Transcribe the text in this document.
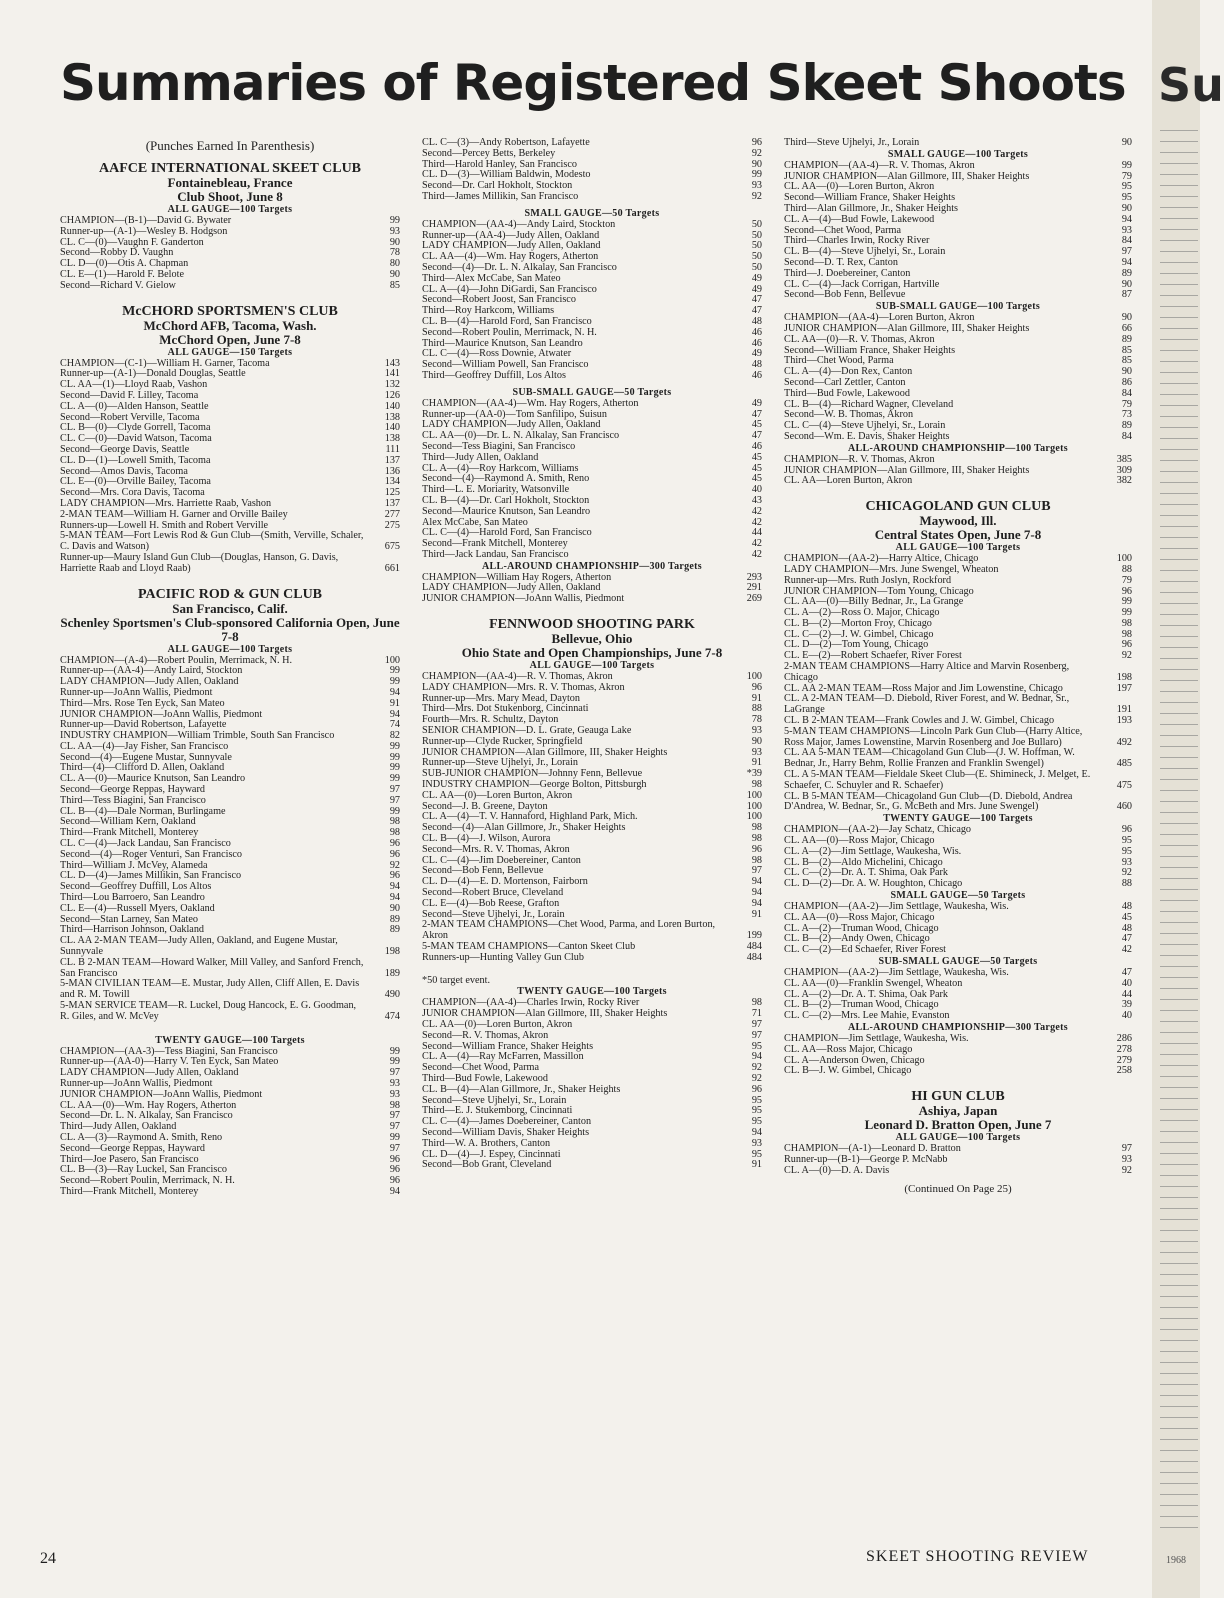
Summaries of Registered Skeet Shoots
(Punches Earned In Parenthesis)
AAFCE INTERNATIONAL SKEET CLUB
Fontainebleau, France
Club Shoot, June 8
ALL GAUGE—100 Targets
CHAMPION—(B-1)—David G. Bywater	99
Runner-up—(A-1)—Wesley B. Hodgson	93
CL. C—(0)—Vaughn F. Ganderton	90
Second—Robby D. Vaughn	78
CL. D—(0)—Otis A. Chapman	80
CL. E—(1)—Harold F. Belote	90
Second—Richard V. Gielow	85
McCHORD SPORTSMEN'S CLUB
McChord AFB, Tacoma, Wash.
McChord Open, June 7-8
ALL GAUGE—150 Targets
CHAMPION—(C-1)—William H. Garner, Tacoma	143
Runner-up—(A-1)—Donald Douglas, Seattle	141
CL. AA—(1)—Lloyd Raab, Vashon	132
Second—David F. Lilley, Tacoma	126
CL. A—(0)—Alden Hanson, Seattle	140
Second—Robert Verville, Tacoma	138
CL. B—(0)—Clyde Gorrell, Tacoma	140
CL. C—(0)—David Watson, Tacoma	138
Second—George Davis, Seattle	111
CL. D—(1)—Lowell Smith, Tacoma	137
Second—Amos Davis, Tacoma	136
CL. E—(0)—Orville Bailey, Tacoma	134
Second—Mrs. Cora Davis, Tacoma	125
LADY CHAMPION—Mrs. Harriette Raab, Vashon	137
2-MAN TEAM—William H. Garner and Orville Bailey	277
Runners-up—Lowell H. Smith and Robert Verville	275
5-MAN TEAM—Fort Lewis Rod & Gun Club—(Smith, Verville, Schaler, C. Davis and Watson)	675
Runner-up—Maury Island Gun Club—(Douglas, Hanson, G. Davis, Harriette Raab and Lloyd Raab)	661
PACIFIC ROD & GUN CLUB
San Francisco, Calif.
Schenley Sportsmen's Club-sponsored California Open, June 7-8
ALL GAUGE—100 Targets
CHAMPION—(A-4)—Robert Poulin, Merrimack, N. H.	100
Runner-up—(AA-4)—Andy Laird, Stockton	99
LADY CHAMPION—Judy Allen, Oakland	99
Runner-up—JoAnn Wallis, Piedmont	94
Third—Mrs. Rose Ten Eyck, San Mateo	91
JUNIOR CHAMPION—JoAnn Wallis, Piedmont	94
Runner-up—David Robertson, Lafayette	74
INDUSTRY CHAMPION—William Trimble, South San Francisco	82
CL. AA—(4)—Jay Fisher, San Francisco	99
Second—(4)—Eugene Mustar, Sunnyvale	99
Third—(4)—Clifford D. Allen, Oakland	99
CL. A—(0)—Maurice Knutson, San Leandro	99
Second—George Reppas, Hayward	97
Third—Tess Biagini, San Francisco	97
CL. B—(4)—Dale Norman, Burlingame	99
Second—William Kern, Oakland	98
Third—Frank Mitchell, Monterey	98
CL. C—(4)—Jack Landau, San Francisco	96
Second—(4)—Roger Venturi, San Francisco	96
Third—William J. McVey, Alameda	92
CL. D—(4)—James Millikin, San Francisco	96
Second—Geoffrey Duffill, Los Altos	94
Third—Lou Barroero, San Leandro	94
CL. E—(4)—Russell Myers, Oakland	90
Second—Stan Larney, San Mateo	89
Third—Harrison Johnson, Oakland	89
CL. AA 2-MAN TEAM—Judy Allen, Oakland, and Eugene Mustar, Sunnyvale	198
CL. B 2-MAN TEAM—Howard Walker, Mill Valley, and Sanford French, San Francisco	189
5-MAN CIVILIAN TEAM—E. Mustar, Judy Allen, Cliff Allen, E. Davis and R. M. Towill	490
5-MAN SERVICE TEAM—R. Luckel, Doug Hancock, E. G. Goodman, R. Giles, and W. McVey	474
TWENTY GAUGE—100 Targets
CHAMPION—(AA-3)—Tess Biagini, San Francisco	99
Runner-up—(AA-0)—Harry V. Ten Eyck, San Mateo	99
LADY CHAMPION—Judy Allen, Oakland	97
Runner-up—JoAnn Wallis, Piedmont	93
JUNIOR CHAMPION—JoAnn Wallis, Piedmont	93
CL. AA—(0)—Wm. Hay Rogers, Atherton	98
Second—Dr. L. N. Alkalay, San Francisco	97
Third—Judy Allen, Oakland	97
CL. A—(3)—Raymond A. Smith, Reno	99
Second—George Reppas, Hayward	97
Third—Joe Pasero, San Francisco	96
CL. B—(3)—Ray Luckel, San Francisco	96
Second—Robert Poulin, Merrimack, N. H.	96
Third—Frank Mitchell, Monterey	94
CL. C—(3)—Andy Robertson, Lafayette	96
Second—Percey Betts, Berkeley	92
Third—Harold Hanley, San Francisco	90
CL. D—(3)—William Baldwin, Modesto	99
Second—Dr. Carl Hokholt, Stockton	93
Third—James Millikin, San Francisco	92
SMALL GAUGE—50 Targets
CHAMPION—(AA-4)—Andy Laird, Stockton	50
Runner-up—(AA-4)—Judy Allen, Oakland	50
LADY CHAMPION—Judy Allen, Oakland	50
CL. AA—(4)—Wm. Hay Rogers, Atherton	50
Second—(4)—Dr. L. N. Alkalay, San Francisco	50
Third—Alex McCabe, San Mateo	49
CL. A—(4)—John DiGardi, San Francisco	49
Second—Robert Joost, San Francisco	47
Third—Roy Harkcom, Williams	47
CL. B—(4)—Harold Ford, San Francisco	48
Second—Robert Poulin, Merrimack, N. H.	46
Third—Maurice Knutson, San Leandro	46
CL. C—(4)—Ross Downie, Atwater	49
Second—William Powell, San Francisco	48
Third—Geoffrey Duffill, Los Altos	46
SUB-SMALL GAUGE—50 Targets
CHAMPION—(AA-4)—Wm. Hay Rogers, Atherton	49
Runner-up—(AA-0)—Tom Sanfilipo, Suisun	47
LADY CHAMPION—Judy Allen, Oakland	45
CL. AA—(0)—Dr. L. N. Alkalay, San Francisco	47
Second—Tess Biagini, San Francisco	46
Third—Judy Allen, Oakland	45
CL. A—(4)—Roy Harkcom, Williams	45
Second—(4)—Raymond A. Smith, Reno	45
Third—L. E. Moriarity, Watsonville	40
CL. B—(4)—Dr. Carl Hokholt, Stockton	43
Second—Maurice Knutson, San Leandro	42
Alex McCabe, San Mateo	42
CL. C—(4)—Harold Ford, San Francisco	44
Second—Frank Mitchell, Monterey	42
Third—Jack Landau, San Francisco	42
ALL-AROUND CHAMPIONSHIP—300 Targets
CHAMPION—William Hay Rogers, Atherton	293
LADY CHAMPION—Judy Allen, Oakland	291
JUNIOR CHAMPION—JoAnn Wallis, Piedmont	269
FENNWOOD SHOOTING PARK
Bellevue, Ohio
Ohio State and Open Championships, June 7-8
ALL GAUGE—100 Targets
CHAMPION—(AA-4)—R. V. Thomas, Akron	100
LADY CHAMPION—Mrs. R. V. Thomas, Akron	96
Runner-up—Mrs. Mary Mead, Dayton	91
Third—Mrs. Dot Stukenborg, Cincinnati	88
Fourth—Mrs. R. Schultz, Dayton	78
SENIOR CHAMPION—D. L. Grate, Geauga Lake	93
Runner-up—Clyde Rucker, Springfield	90
JUNIOR CHAMPION—Alan Gillmore, III, Shaker Heights	93
Runner-up—Steve Ujhelyi, Jr., Lorain	91
SUB-JUNIOR CHAMPION—Johnny Fenn, Bellevue	*39
INDUSTRY CHAMPION—George Bolton, Pittsburgh	98
CL. AA—(0)—Loren Burton, Akron	100
Second—J. B. Greene, Dayton	100
CL. A—(4)—T. V. Hannaford, Highland Park, Mich.	100
Second—(4)—Alan Gillmore, Jr., Shaker Heights	98
CL. B—(4)—J. Wilson, Aurora	98
Second—Mrs. R. V. Thomas, Akron	96
CL. C—(4)—Jim Doebereiner, Canton	98
Second—Bob Fenn, Bellevue	97
CL. D—(4)—E. D. Mortenson, Fairborn	94
Second—Robert Bruce, Cleveland	94
CL. E—(4)—Bob Reese, Grafton	94
Second—Steve Ujhelyi, Jr., Lorain	91
2-MAN TEAM CHAMPIONS—Chet Wood, Parma, and Loren Burton, Akron	199
5-MAN TEAM CHAMPIONS—Canton Skeet Club	484
Runners-up—Hunting Valley Gun Club	484
*50 target event.
TWENTY GAUGE—100 Targets
CHAMPION—(AA-4)—Charles Irwin, Rocky River	98
JUNIOR CHAMPION—Alan Gillmore, III, Shaker Heights	71
CL. AA—(0)—Loren Burton, Akron	97
Second—R. V. Thomas, Akron	97
Second—William France, Shaker Heights	95
CL. A—(4)—Ray McFarren, Massillon	94
Second—Chet Wood, Parma	92
Third—Bud Fowle, Lakewood	92
CL. B—(4)—Alan Gillmore, Jr., Shaker Heights	96
Second—Steve Ujhelyi, Sr., Lorain	95
Third—E. J. Stukemborg, Cincinnati	95
CL. C—(4)—James Doebereiner, Canton	95
Second—William Davis, Shaker Heights	94
Third—W. A. Brothers, Canton	93
CL. D—(4)—J. Espey, Cincinnati	95
Second—Bob Grant, Cleveland	91
Third—Steve Ujhelyi, Jr., Lorain	90
SMALL GAUGE—100 Targets
CHAMPION—(AA-4)—R. V. Thomas, Akron	99
JUNIOR CHAMPION—Alan Gillmore, III, Shaker Heights	79
CL. AA—(0)—Loren Burton, Akron	95
Second—William France, Shaker Heights	95
Third—Alan Gillmore, Jr., Shaker Heights	90
CL. A—(4)—Bud Fowle, Lakewood	94
Second—Chet Wood, Parma	93
Third—Charles Irwin, Rocky River	84
CL. B—(4)—Steve Ujhelyi, Sr., Lorain	97
Second—D. T. Rex, Canton	94
Third—J. Doebereiner, Canton	89
CL. C—(4)—Jack Corrigan, Hartville	90
Second—Bob Fenn, Bellevue	87
SUB-SMALL GAUGE—100 Targets
CHAMPION—(AA-4)—Loren Burton, Akron	90
JUNIOR CHAMPION—Alan Gillmore, III, Shaker Heights	66
CL. AA—(0)—R. V. Thomas, Akron	89
Second—William France, Shaker Heights	85
Third—Chet Wood, Parma	85
CL. A—(4)—Don Rex, Canton	90
Second—Carl Zettler, Canton	86
Third—Bud Fowle, Lakewood	84
CL. B—(4)—Richard Wagner, Cleveland	79
Second—W. B. Thomas, Akron	73
CL. C—(4)—Steve Ujhelyi, Sr., Lorain	89
Second—Wm. E. Davis, Shaker Heights	84
ALL-AROUND CHAMPIONSHIP—100 Targets
CHAMPION—R. V. Thomas, Akron	385
JUNIOR CHAMPION—Alan Gillmore, III, Shaker Heights	309
CL. AA—Loren Burton, Akron	382
CHICAGOLAND GUN CLUB
Maywood, Ill.
Central States Open, June 7-8
ALL GAUGE—100 Targets
CHAMPION—(AA-2)—Harry Altice, Chicago	100
LADY CHAMPION—Mrs. June Swengel, Wheaton	88
Runner-up—Mrs. Ruth Joslyn, Rockford	79
JUNIOR CHAMPION—Tom Young, Chicago	96
CL. AA—(0)—Billy Bednar, Jr., La Grange	99
CL. A—(2)—Ross O. Major, Chicago	99
CL. B—(2)—Morton Froy, Chicago	98
CL. C—(2)—J. W. Gimbel, Chicago	98
CL. D—(2)—Tom Young, Chicago	96
CL. E—(2)—Robert Schaefer, River Forest	92
2-MAN TEAM CHAMPIONS—Harry Altice and Marvin Rosenberg, Chicago	198
CL. AA 2-MAN TEAM—Ross Major and Jim Lowenstine, Chicago	197
CL. A 2-MAN TEAM—D. Diebold, River Forest, and W. Bednar, Sr., LaGrange	191
CL. B 2-MAN TEAM—Frank Cowles and J. W. Gimbel, Chicago	193
5-MAN TEAM CHAMPIONS—Lincoln Park Gun Club—(Harry Altice, Ross Major, James Lowenstine, Marvin Rosenberg and Joe Bullaro)	492
CL. AA 5-MAN TEAM—Chicagoland Gun Club—(J. W. Hoffman, W. Bednar, Jr., Harry Behm, Rollie Franzen and Franklin Swengel)	485
CL. A 5-MAN TEAM—Fieldale Skeet Club—(E. Shimineck, J. Melget, E. Schaefer, C. Schuyler and R. Schaefer)	475
CL. B 5-MAN TEAM—Chicagoland Gun Club—(D. Diebold, Andrea D'Andrea, W. Bednar, Sr., G. McBeth and Mrs. June Swengel)	460
TWENTY GAUGE—100 Targets
CHAMPION—(AA-2)—Jay Schatz, Chicago	96
CL. AA—(0)—Ross Major, Chicago	95
CL. A—(2)—Jim Settlage, Waukesha, Wis.	95
CL. B—(2)—Aldo Michelini, Chicago	93
CL. C—(2)—Dr. A. T. Shima, Oak Park	92
CL. D—(2)—Dr. A. W. Houghton, Chicago	88
SMALL GAUGE—50 Targets
CHAMPION—(AA-2)—Jim Settlage, Waukesha, Wis.	48
CL. AA—(0)—Ross Major, Chicago	45
CL. A—(2)—Truman Wood, Chicago	48
CL. B—(2)—Andy Owen, Chicago	47
CL. C—(2)—Ed Schaefer, River Forest	42
SUB-SMALL GAUGE—50 Targets
CHAMPION—(AA-2)—Jim Settlage, Waukesha, Wis.	47
CL. AA—(0)—Franklin Swengel, Wheaton	40
CL. A—(2)—Dr. A. T. Shima, Oak Park	44
CL. B—(2)—Truman Wood, Chicago	39
CL. C—(2)—Mrs. Lee Mahie, Evanston	40
ALL-AROUND CHAMPIONSHIP—300 Targets
CHAMPION—Jim Settlage, Waukesha, Wis.	286
CL. AA—Ross Major, Chicago	278
CL. A—Anderson Owen, Chicago	279
CL. B—J. W. Gimbel, Chicago	258
HI GUN CLUB
Ashiya, Japan
Leonard D. Bratton Open, June 7
ALL GAUGE—100 Targets
CHAMPION—(A-1)—Leonard D. Bratton	97
Runner-up—(B-1)—George P. McNabb	93
CL. A—(0)—D. A. Davis	92
(Continued On Page 25)
24	SKEET SHOOTING REVIEW
Su
1968
